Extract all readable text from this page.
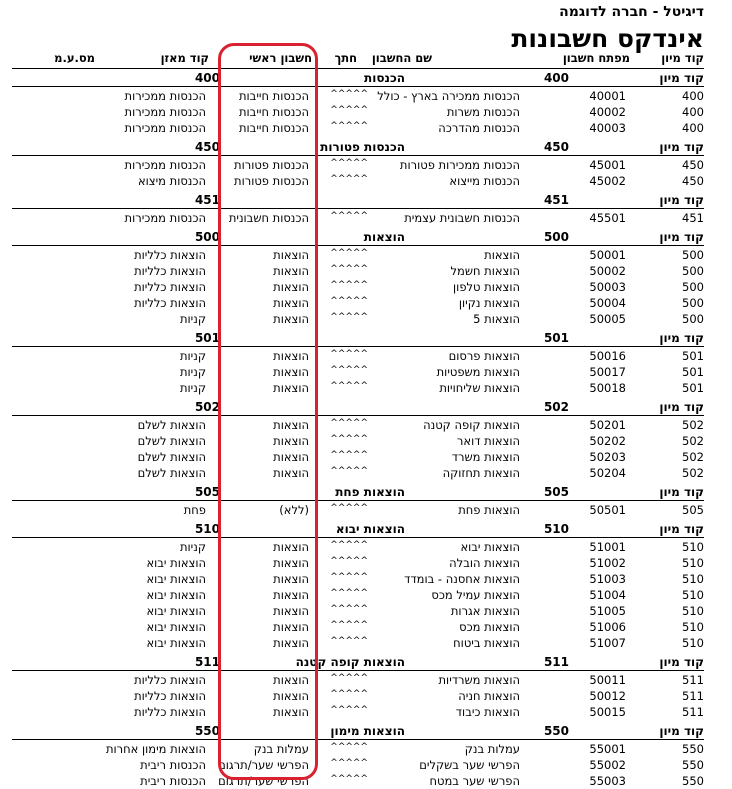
דיגיטל - חברה לדוגמה
אינדקס חשבונות
קוד מיון
מפתח חשבון
שם החשבון
חתך
חשבון ראשי
קוד מאזן
מס.ע.מ
קוד מיון
400
הכנסות
400
400
40001
הכנסות ממכירה בארץ - כולל
^^^^^
הכנסות חייבות
הכנסות ממכירות
400
40002
הכנסות משרות
^^^^^
הכנסות חייבות
הכנסות ממכירות
400
40003
הכנסות מהדרכה
^^^^^
הכנסות חייבות
הכנסות ממכירות
קוד מיון
450
הכנסות פטורות
450
450
45001
הכנסות ממכירות פטורות
^^^^^
הכנסות פטורות
הכנסות ממכירות
450
45002
הכנסות מייצוא
^^^^^
הכנסות פטורות
הכנסות מיצוא
קוד מיון
451
451
451
45501
הכנסות חשבונית עצמית
^^^^^
הכנסות חשבונית
הכנסות ממכירות
קוד מיון
500
הוצאות
500
500
50001
הוצאות
^^^^^
הוצאות
הוצאות כלליות
500
50002
הוצאות חשמל
^^^^^
הוצאות
הוצאות כלליות
500
50003
הוצאות טלפון
^^^^^
הוצאות
הוצאות כלליות
500
50004
הוצאות נקיון
^^^^^
הוצאות
הוצאות כלליות
500
50005
הוצאות 5
^^^^^
הוצאות
קניות
קוד מיון
501
501
501
50016
הוצאות פרסום
^^^^^
הוצאות
קניות
501
50017
הוצאות משפטיות
^^^^^
הוצאות
קניות
501
50018
הוצאות שליחויות
^^^^^
הוצאות
קניות
קוד מיון
502
502
502
50201
הוצאות קופה קטנה
^^^^^
הוצאות
הוצאות לשלם
502
50202
הוצאות דואר
^^^^^
הוצאות
הוצאות לשלם
502
50203
הוצאות משרד
^^^^^
הוצאות
הוצאות לשלם
502
50204
הוצאות תחזוקה
^^^^^
הוצאות
הוצאות לשלם
קוד מיון
505
הוצאות פחת
505
505
50501
הוצאות פחת
^^^^^
(ללא)
פחת
קוד מיון
510
הוצאות יבוא
510
510
51001
הוצאות יבוא
^^^^^
הוצאות
קניות
510
51002
הוצאות הובלה
^^^^^
הוצאות
הוצאות יבוא
510
51003
הוצאות אחסנה - בומדד
^^^^^
הוצאות
הוצאות יבוא
510
51004
הוצאות עמיל מכס
^^^^^
הוצאות
הוצאות יבוא
510
51005
הוצאות אגרות
^^^^^
הוצאות
הוצאות יבוא
510
51006
הוצאות מכס
^^^^^
הוצאות
הוצאות יבוא
510
51007
הוצאות ביטוח
^^^^^
הוצאות
הוצאות יבוא
קוד מיון
511
הוצאות קופה קטנה
511
511
50011
הוצאות משרדיות
^^^^^
הוצאות
הוצאות כלליות
511
50012
הוצאות חניה
^^^^^
הוצאות
הוצאות כלליות
511
50015
הוצאות כיבוד
^^^^^
הוצאות
הוצאות כלליות
קוד מיון
550
הוצאות מימון
550
550
55001
עמלות בנק
^^^^^
עמלות בנק
הוצאות מימון אחרות
550
55002
הפרשי שער בשקלים
^^^^^
הפרשי שער/תרגום
הכנסות ריבית
550
55003
הפרשי שער במטח
^^^^^
הפרשי שער/תרגום
הכנסות ריבית
